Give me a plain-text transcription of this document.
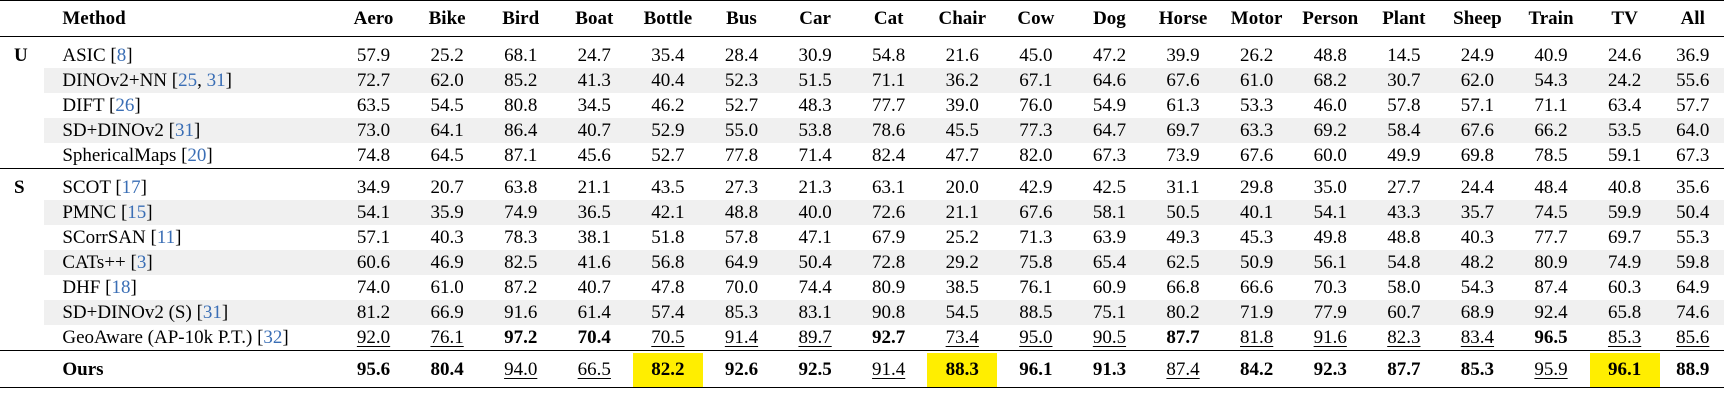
	Method	Aero	Bike	Bird	Boat	Bottle	Bus	Car	Cat	Chair	Cow	Dog	Horse	Motor	Person	Plant	Sheep	Train	TV	All
U	ASIC [8]	57.9	25.2	68.1	24.7	35.4	28.4	30.9	54.8	21.6	45.0	47.2	39.9	26.2	48.8	14.5	24.9	40.9	24.6	36.9
	DINOv2+NN [25, 31]	72.7	62.0	85.2	41.3	40.4	52.3	51.5	71.1	36.2	67.1	64.6	67.6	61.0	68.2	30.7	62.0	54.3	24.2	55.6
	DIFT [26]	63.5	54.5	80.8	34.5	46.2	52.7	48.3	77.7	39.0	76.0	54.9	61.3	53.3	46.0	57.8	57.1	71.1	63.4	57.7
	SD+DINOv2 [31]	73.0	64.1	86.4	40.7	52.9	55.0	53.8	78.6	45.5	77.3	64.7	69.7	63.3	69.2	58.4	67.6	66.2	53.5	64.0
	SphericalMaps [20]	74.8	64.5	87.1	45.6	52.7	77.8	71.4	82.4	47.7	82.0	67.3	73.9	67.6	60.0	49.9	69.8	78.5	59.1	67.3
S	SCOT [17]	34.9	20.7	63.8	21.1	43.5	27.3	21.3	63.1	20.0	42.9	42.5	31.1	29.8	35.0	27.7	24.4	48.4	40.8	35.6
	PMNC [15]	54.1	35.9	74.9	36.5	42.1	48.8	40.0	72.6	21.1	67.6	58.1	50.5	40.1	54.1	43.3	35.7	74.5	59.9	50.4
	SCorrSAN [11]	57.1	40.3	78.3	38.1	51.8	57.8	47.1	67.9	25.2	71.3	63.9	49.3	45.3	49.8	48.8	40.3	77.7	69.7	55.3
	CATs++ [3]	60.6	46.9	82.5	41.6	56.8	64.9	50.4	72.8	29.2	75.8	65.4	62.5	50.9	56.1	54.8	48.2	80.9	74.9	59.8
	DHF [18]	74.0	61.0	87.2	40.7	47.8	70.0	74.4	80.9	38.5	76.1	60.9	66.8	66.6	70.3	58.0	54.3	87.4	60.3	64.9
	SD+DINOv2 (S) [31]	81.2	66.9	91.6	61.4	57.4	85.3	83.1	90.8	54.5	88.5	75.1	80.2	71.9	77.9	60.7	68.9	92.4	65.8	74.6
	GeoAware (AP-10k P.T.) [32]	92.0	76.1	97.2	70.4	70.5	91.4	89.7	92.7	73.4	95.0	90.5	87.7	81.8	91.6	82.3	83.4	96.5	85.3	85.6
	Ours	95.6	80.4	94.0	66.5	82.2	92.6	92.5	91.4	88.3	96.1	91.3	87.4	84.2	92.3	87.7	85.3	95.9	96.1	88.9
